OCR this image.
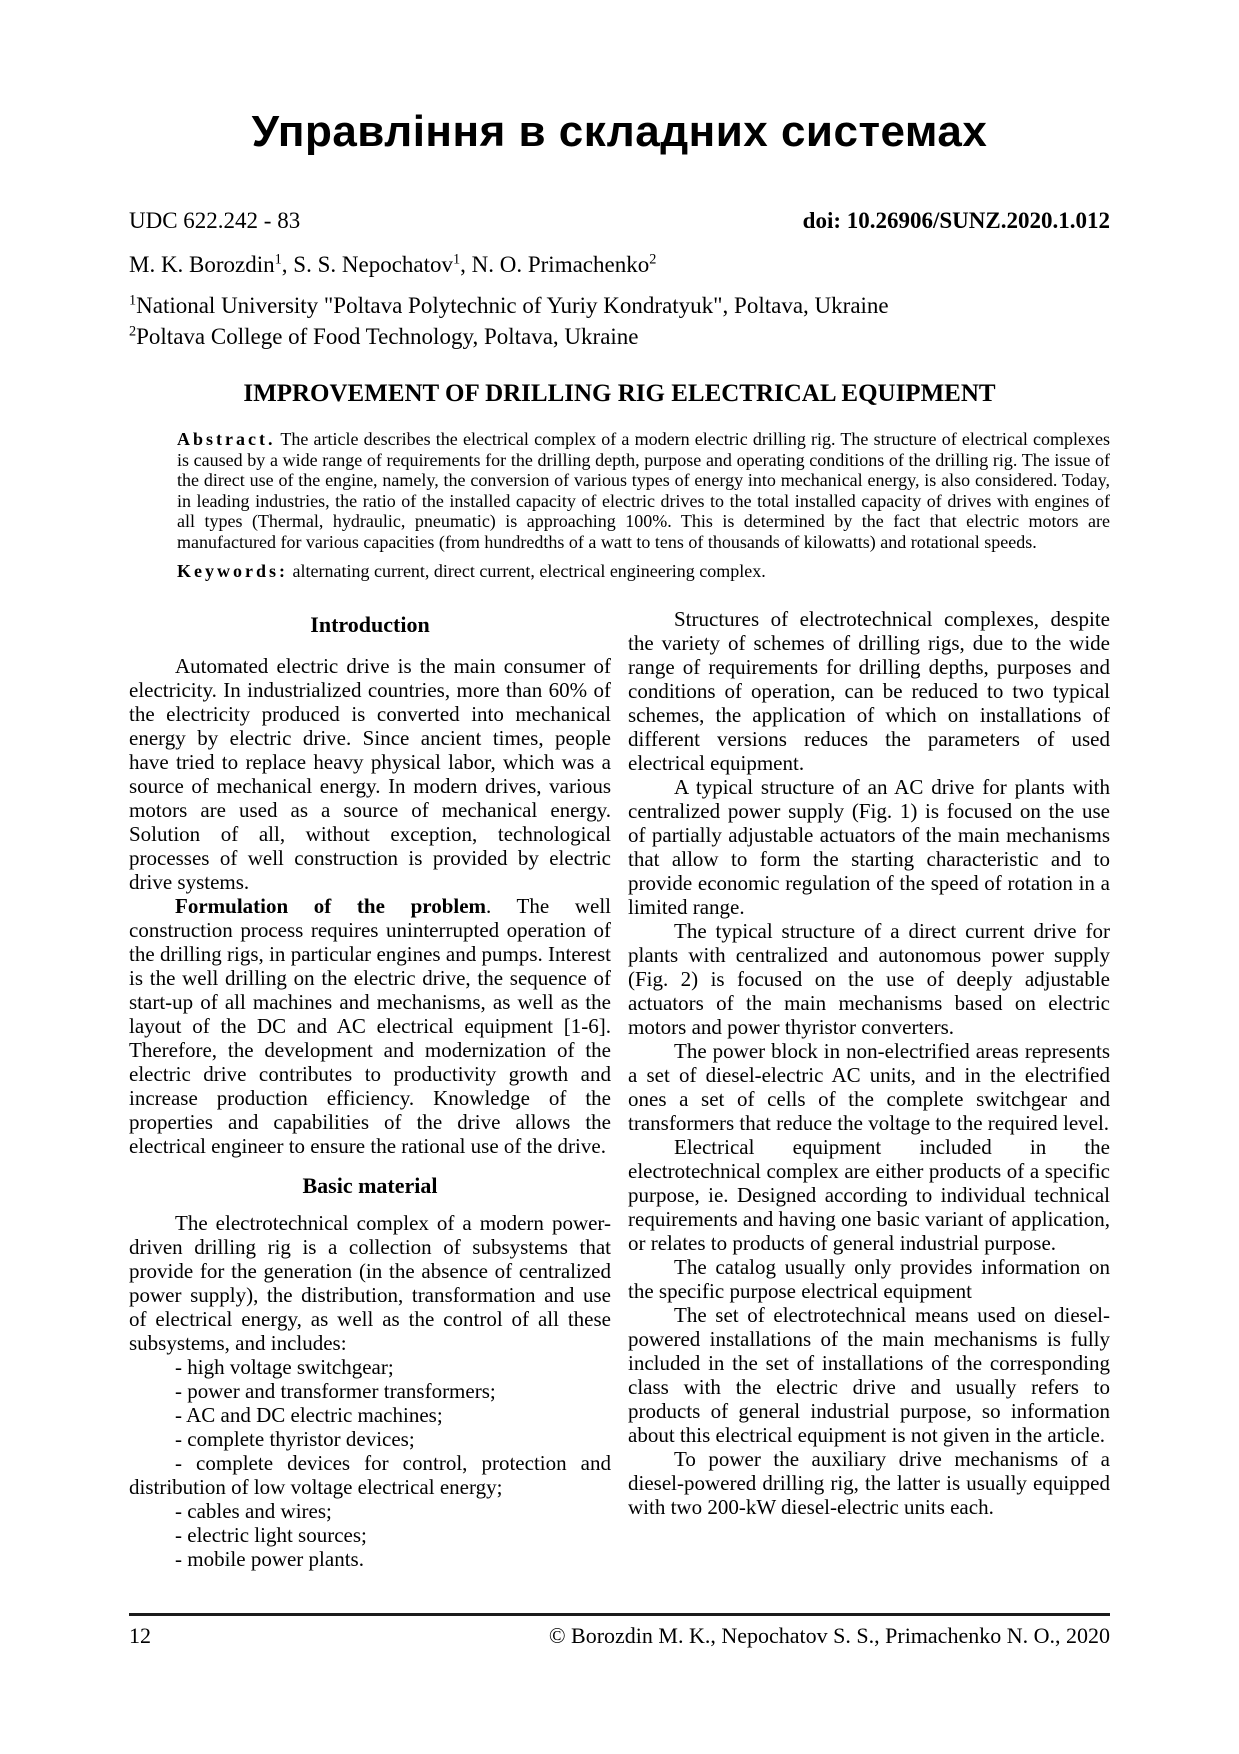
Управління в складних системах
UDC 622.242 - 83	doi: 10.26906/SUNZ.2020.1.012
M. K. Borozdin$^1$, S. S. Nepochatov$^1$, N. O. Primachenko$^2$
$^1$National University "Poltava Polytechnic of Yuriy Kondratyuk", Poltava, Ukraine
$^2$Poltava College of Food Technology, Poltava, Ukraine
IMPROVEMENT OF DRILLING RIG ELECTRICAL EQUIPMENT
Abstract. The article describes the electrical complex of a modern electric drilling rig. The structure of electrical complexes is caused by a wide range of requirements for the drilling depth, purpose and operating conditions of the drilling rig. The issue of the direct use of the engine, namely, the conversion of various types of energy into mechanical energy, is also considered. Today, in leading industries, the ratio of the installed capacity of electric drives to the total installed capacity of drives with engines of all types (Thermal, hydraulic, pneumatic) is approaching 100%. This is determined by the fact that electric motors are manufactured for various capacities (from hundredths of a watt to tens of thousands of kilowatts) and rotational speeds.
Keywords: alternating current, direct current, electrical engineering complex.
Introduction

Automated electric drive is the main consumer of electricity. In industrialized countries, more than 60% of the electricity produced is converted into mechanical energy by electric drive. Since ancient times, people have tried to replace heavy physical labor, which was a source of mechanical energy. In modern drives, various motors are used as a source of mechanical energy. Solution of all, without exception, technological processes of well construction is provided by electric drive systems.

Formulation of the problem. The well construction process requires uninterrupted operation of the drilling rigs, in particular engines and pumps. Interest is the well drilling on the electric drive, the sequence of start-up of all machines and mechanisms, as well as the layout of the DC and AC electrical equipment [1-6]. Therefore, the development and modernization of the electric drive contributes to productivity growth and increase production efficiency. Knowledge of the properties and capabilities of the drive allows the electrical engineer to ensure the rational use of the drive.

Basic material

The electrotechnical complex of a modern power-driven drilling rig is a collection of subsystems that provide for the generation (in the absence of centralized power supply), the distribution, transformation and use of electrical energy, as well as the control of all these subsystems, and includes:

- high voltage switchgear;

- power and transformer transformers;

- AC and DC electric machines;

- complete thyristor devices;

- complete devices for control, protection and distribution of low voltage electrical energy;

- cables and wires;

- electric light sources;

- mobile power plants.

Structures of electrotechnical complexes, despite the variety of schemes of drilling rigs, due to the wide range of requirements for drilling depths, purposes and conditions of operation, can be reduced to two typical schemes, the application of which on installations of different versions reduces the parameters of used electrical equipment.

A typical structure of an AC drive for plants with centralized power supply (Fig. 1) is focused on the use of partially adjustable actuators of the main mechanisms that allow to form the starting characteristic and to provide economic regulation of the speed of rotation in a limited range.

The typical structure of a direct current drive for plants with centralized and autonomous power supply (Fig. 2) is focused on the use of deeply adjustable actuators of the main mechanisms based on electric motors and power thyristor converters.

The power block in non-electrified areas represents a set of diesel-electric AC units, and in the electrified ones a set of cells of the complete switchgear and transformers that reduce the voltage to the required level.

Electrical equipment included in the electrotechnical complex are either products of a specific purpose, ie. Designed according to individual technical requirements and having one basic variant of application, or relates to products of general industrial purpose.

The catalog usually only provides information on the specific purpose electrical equipment

The set of electrotechnical means used on diesel-powered installations of the main mechanisms is fully included in the set of installations of the corresponding class with the electric drive and usually refers to products of general industrial purpose, so information about this electrical equipment is not given in the article.

To power the auxiliary drive mechanisms of a diesel-powered drilling rig, the latter is usually equipped with two 200-kW diesel-electric units each.

12	© Borozdin M. K., Nepochatov S. S., Primachenko N. O., 2020
